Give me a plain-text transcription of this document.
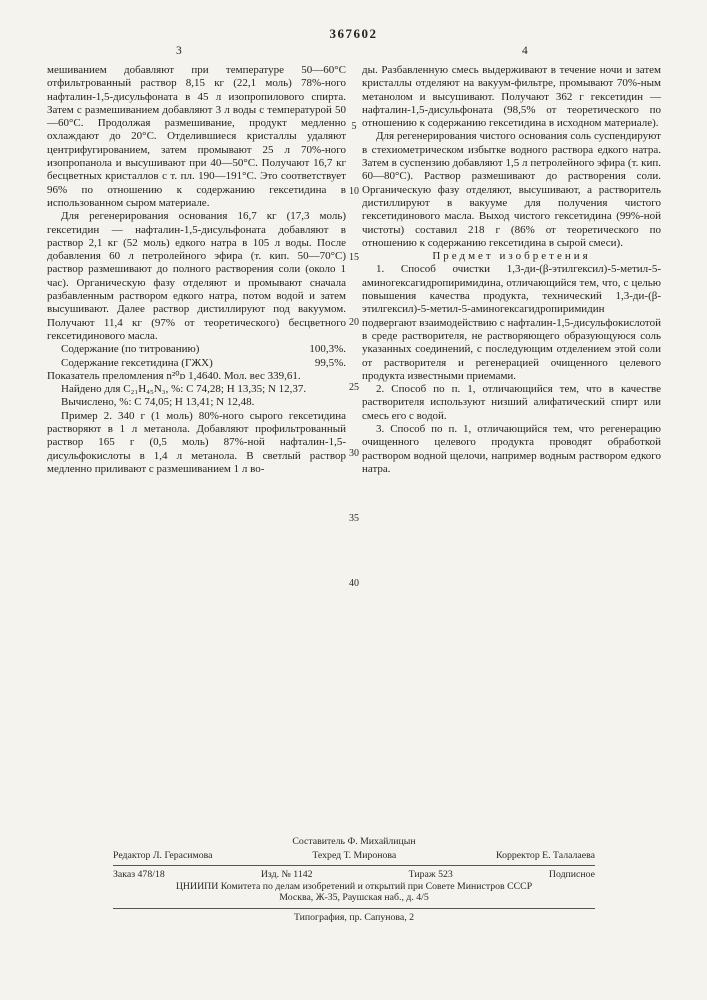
367602
3	4

мешиванием добавляют при температуре 50—60°C отфильтрованный раствор 8,15 кг (22,1 моль) 78%-ного нафталин-1,5-дисульфоната в 45 л изопропилового спирта. Затем с размешиванием добавляют 3 л воды с температурой 50—60°C. Продолжая размешивание, продукт медленно охлаждают до 20°C. Отделившиеся кристаллы удаляют центрифугированием, затем промывают 25 л 70%-ного изопропанола и высушивают при 40—50°C. Получают 16,7 кг бесцветных кристаллов с т. пл. 190—191°C. Это соответствует 96% по отношению к содержанию гексетидина в использованном сыром материале.

Для регенерирования основания 16,7 кг (17,3 моль) гексетидин — нафталин-1,5-дисульфоната добавляют в раствор 2,1 кг (52 моль) едкого натра в 105 л воды. После добавления 60 л петролейного эфира (т. кип. 50—70°C) раствор размешивают до полного растворения соли (около 1 час). Органическую фазу отделяют и промывают сначала разбавленным раствором едкого натра, потом водой и затем высушивают. Далее раствор дистиллируют под вакуумом. Получают 11,4 кг (97% от теоретического) бесцветного гексетидинового масла.

Содержание (по титрованию)	100,3%.
Содержание гексетидина (ГЖХ)	99,5%.

Показатель преломления n²⁰ᴅ 1,4640. Мол. вес 339,61.

Найдено для C₂₁H₄₅N₃, %: C 74,28; H 13,35; N 12,37.

Вычислено, %: C 74,05; H 13,41; N 12,48.

Пример 2. 340 г (1 моль) 80%-ного сырого гексетидина растворяют в 1 л метанола. Добавляют профильтрованный раствор 165 г (0,5 моль) 87%-ной нафталин-1,5-дисульфокислоты в 1,4 л метанола. В светлый раствор медленно приливают с размешиванием 1 л во-

ды. Разбавленную смесь выдерживают в течение ночи и затем кристаллы отделяют на вакуум-фильтре, промывают 70%-ным метанолом и высушивают. Получают 362 г гексетидин — нафталин-1,5-дисульфоната (98,5% от теоретического по отношению к содержанию гексетидина в исходном материале).

Для регенерирования чистого основания соль суспендируют в стехиометрическом избытке водного раствора едкого натра. Затем в суспензию добавляют 1,5 л петролейного эфира (т. кип. 60—80°C). Раствор размешивают до растворения соли. Органическую фазу отделяют, высушивают, а растворитель дистиллируют в вакууме для получения чистого гексетидинового масла. Выход чистого гексетидина (99%-ной чистоты) составил 218 г (86% от теоретического по отношению к содержанию гексетидина в сырой смеси).

Предмет изобретения

1. Способ очистки 1,3-ди-(β-этилгексил)-5-метил-5-аминогексагидропиримидина, отличающийся тем, что, с целью повышения качества продукта, технический 1,3-ди-(β-этилгексил)-5-метил-5-аминогексагидропиримидин подвергают взаимодействию с нафталин-1,5-дисульфокислотой в среде растворителя, не растворяющего образующуюся соль указанных соединений, с последующим отделением этой соли от растворителя и регенерацией очищенного целевого продукта известными приемами.

2. Способ по п. 1, отличающийся тем, что в качестве растворителя используют низший алифатический спирт или смесь его с водой.

3. Способ по п. 1, отличающийся тем, что регенерацию очищенного целевого продукта проводят обработкой раствором водной щелочи, например водным раствором едкого натра.

5
10
15
20
25
30
35
40
Составитель Ф. Михайлицын
Редактор Л. Герасимова	Техред Т. Миронова	Корректор Е. Талалаева
Заказ 478/18	Изд. № 1142	Тираж 523	Подписное
ЦНИИПИ Комитета по делам изобретений и открытий при Совете Министров СССР
Москва, Ж-35, Раушская наб., д. 4/5
Типография, пр. Сапунова, 2
